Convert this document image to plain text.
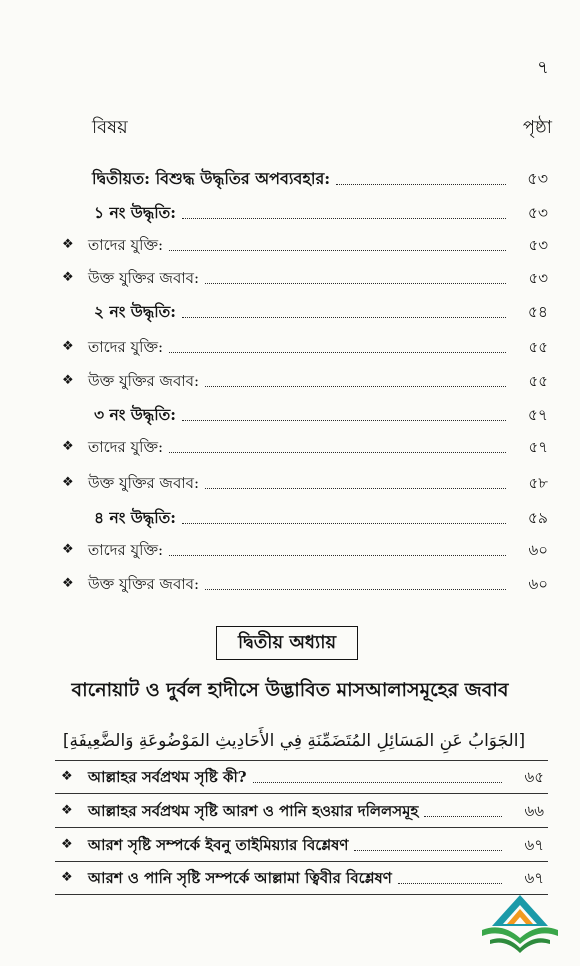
৭
বিষয়	পৃষ্ঠা
দ্বিতীয়ত: বিশুদ্ধ উদ্ধৃতির অপব্যবহার:	৫৩
১ নং উদ্ধৃতি:	৫৩
❖ তাদের যুক্তি:	৫৩
❖ উক্ত যুক্তির জবাব:	৫৩
২ নং উদ্ধৃতি:	৫৪
❖ তাদের যুক্তি:	৫৫
❖ উক্ত যুক্তির জবাব:	৫৫
৩ নং উদ্ধৃতি:	৫৭
❖ তাদের যুক্তি:	৫৭
❖ উক্ত যুক্তির জবাব:	৫৮
৪ নং উদ্ধৃতি:	৫৯
❖ তাদের যুক্তি:	৬০
❖ উক্ত যুক্তির জবাব:	৬০
দ্বিতীয় অধ্যায়
বানোয়াট ও দুর্বল হাদীসে উদ্ভাবিত মাসআলাসমূহের জবাব
[الجَوَابُ عَنِ المَسَائِلِ المُتَضَمِّنَةِ فِي الأَحَادِيثِ المَوْضُوعَةِ وَالضَّعِيفَةِ]
❖	আল্লাহর সর্বপ্রথম সৃষ্টি কী?	৬৫
❖	আল্লাহর সর্বপ্রথম সৃষ্টি আরশ ও পানি হওয়ার দলিলসমূহ	৬৬
❖	আরশ সৃষ্টি সম্পর্কে ইবনু তাইমিয়্যার বিশ্লেষণ	৬৭
❖	আরশ ও পানি সৃষ্টি সম্পর্কে আল্লামা ত্বিবীর বিশ্লেষণ	৬৭
